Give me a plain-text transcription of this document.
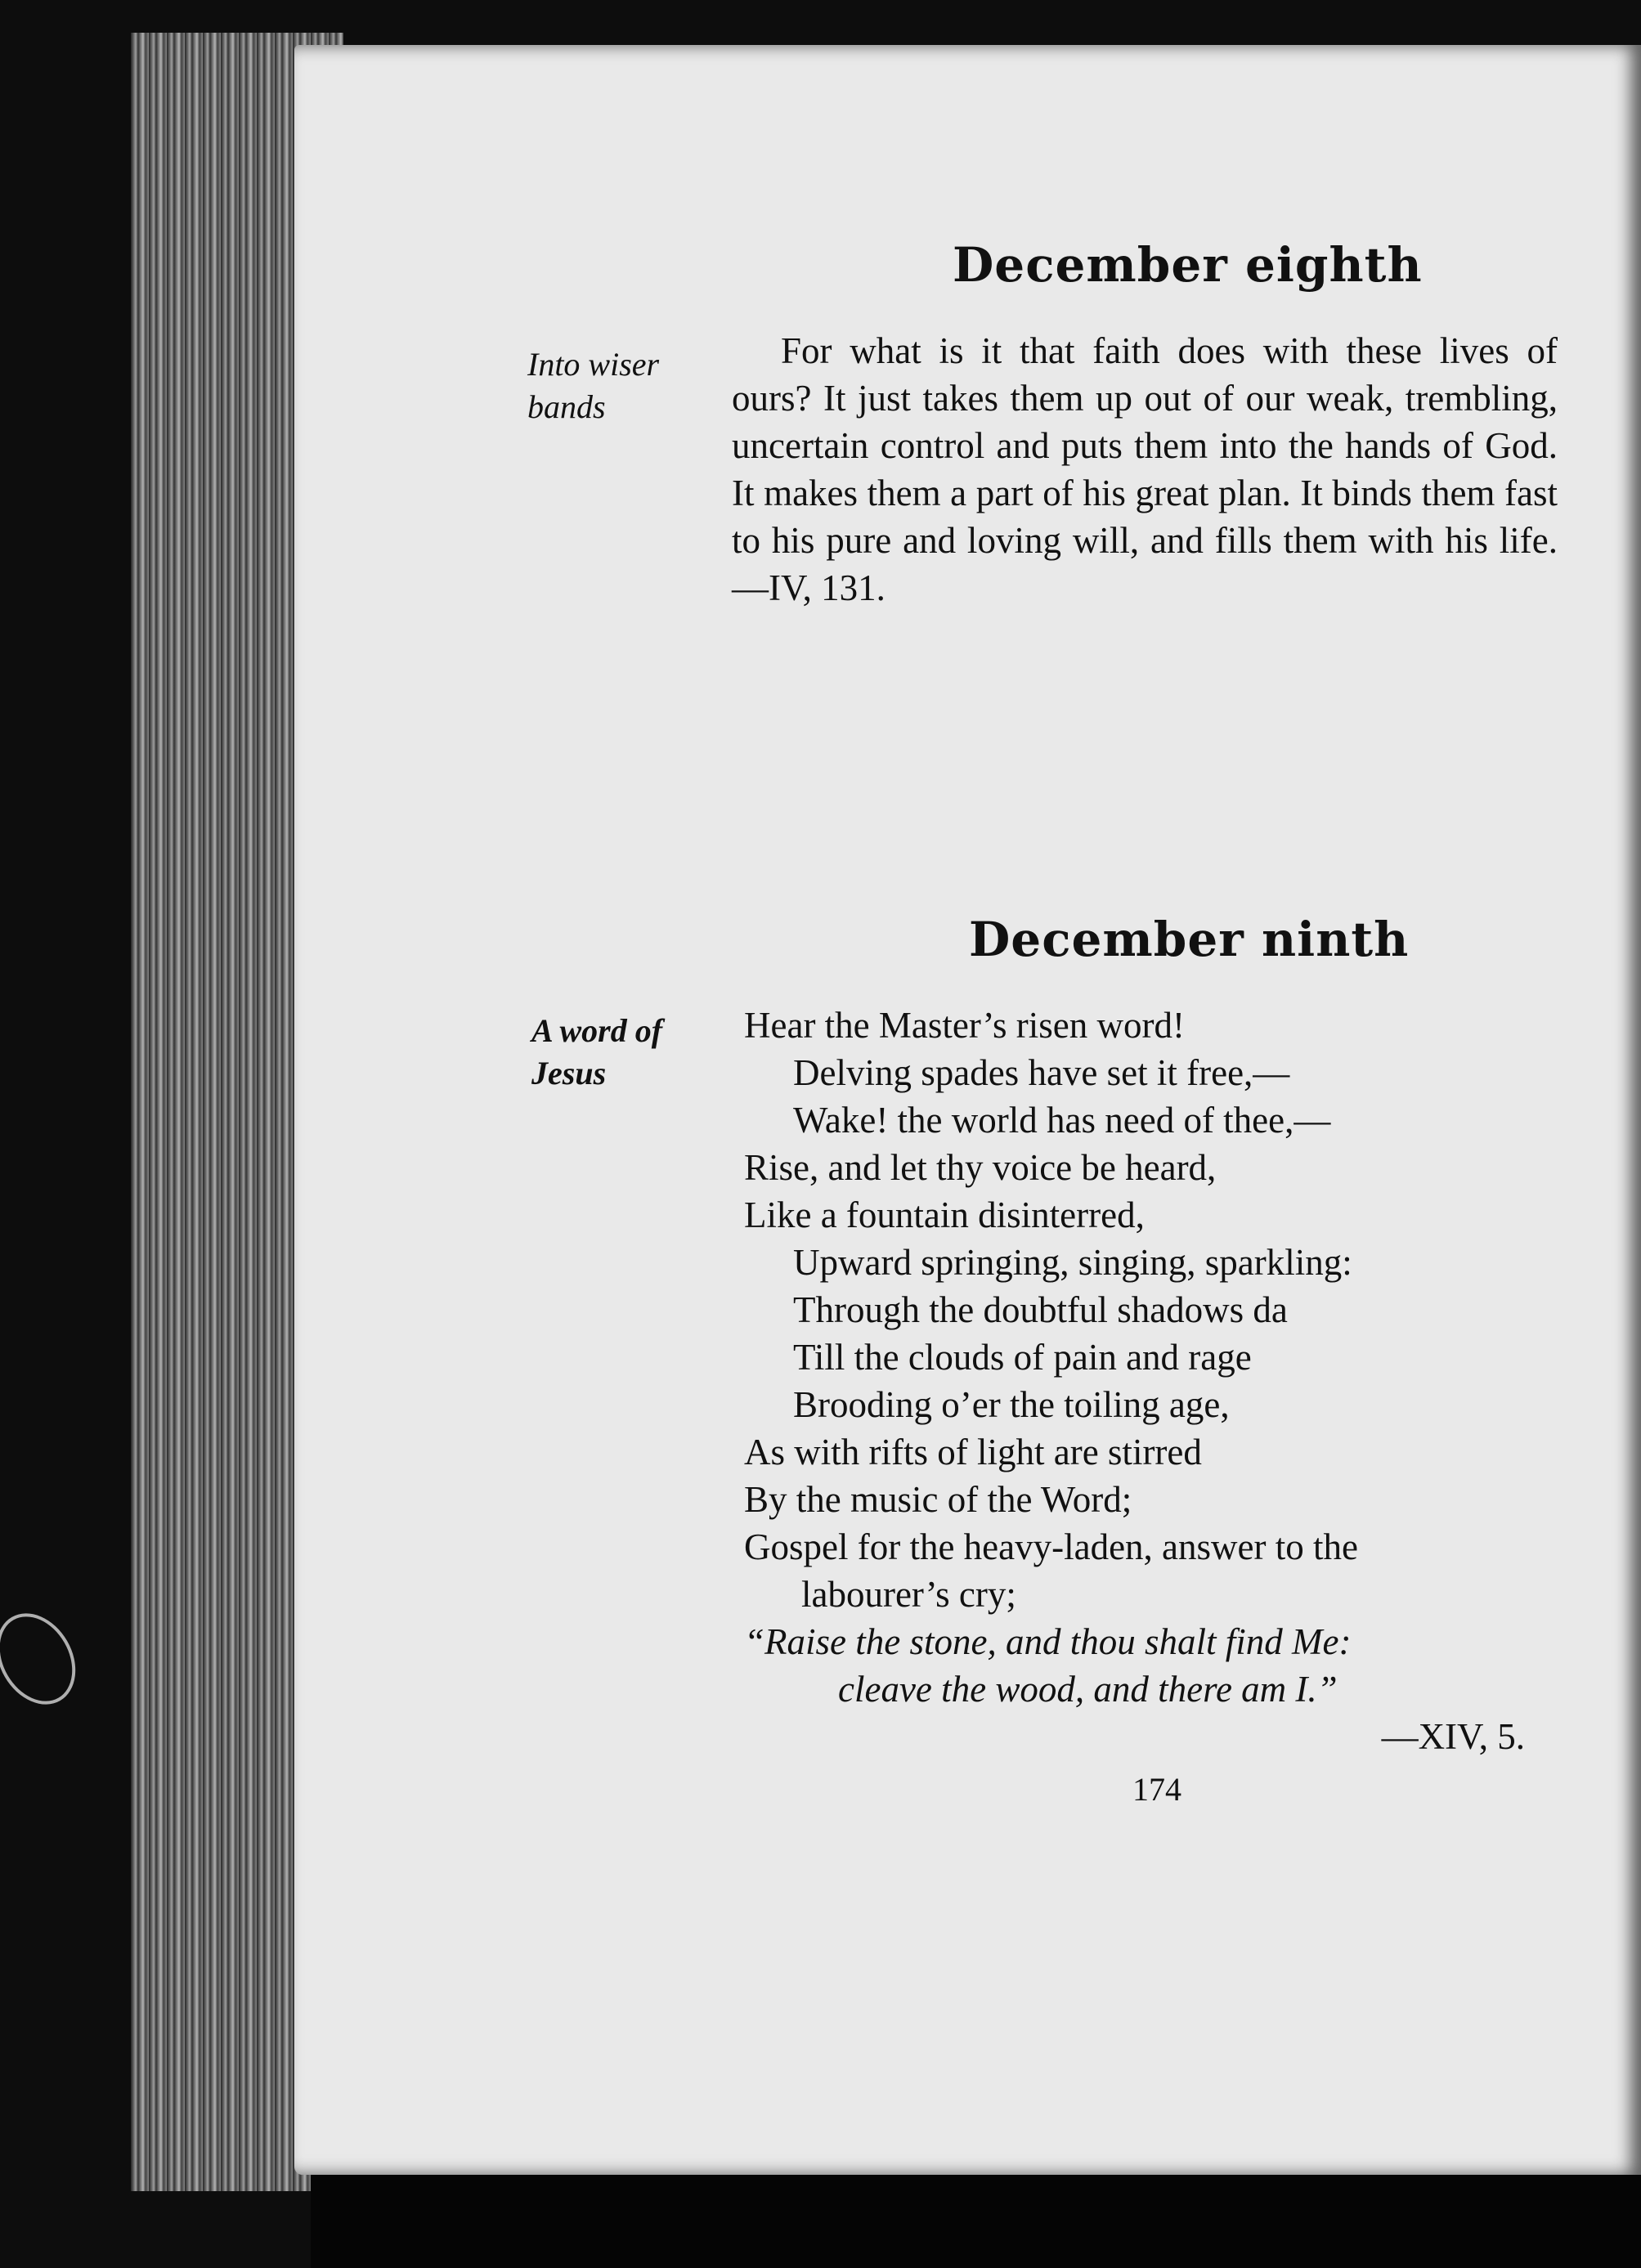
December eighth
Into wiser bands

For what is it that faith does with these lives of ours? It just takes them up out of our weak, trembling, uncertain control and puts them into the hands of God. It makes them a part of his great plan. It binds them fast to his pure and loving will, and fills them with his life.—IV, 131.

December ninth
A word of Jesus
Hear the Master’s risen word!
Delving spades have set it free,—
Wake! the world has need of thee,—
Rise, and let thy voice be heard,
Like a fountain disinterred,
Upward springing, singing, sparkling:
Through the doubtful shadows da
Till the clouds of pain and rage
Brooding o’er the toiling age,
As with rifts of light are stirred
By the music of the Word;
Gospel for the heavy-laden, answer to the
labourer’s cry;
“Raise the stone, and thou shalt find Me:
cleave the wood, and there am I.”
—XIV, 5.
174
